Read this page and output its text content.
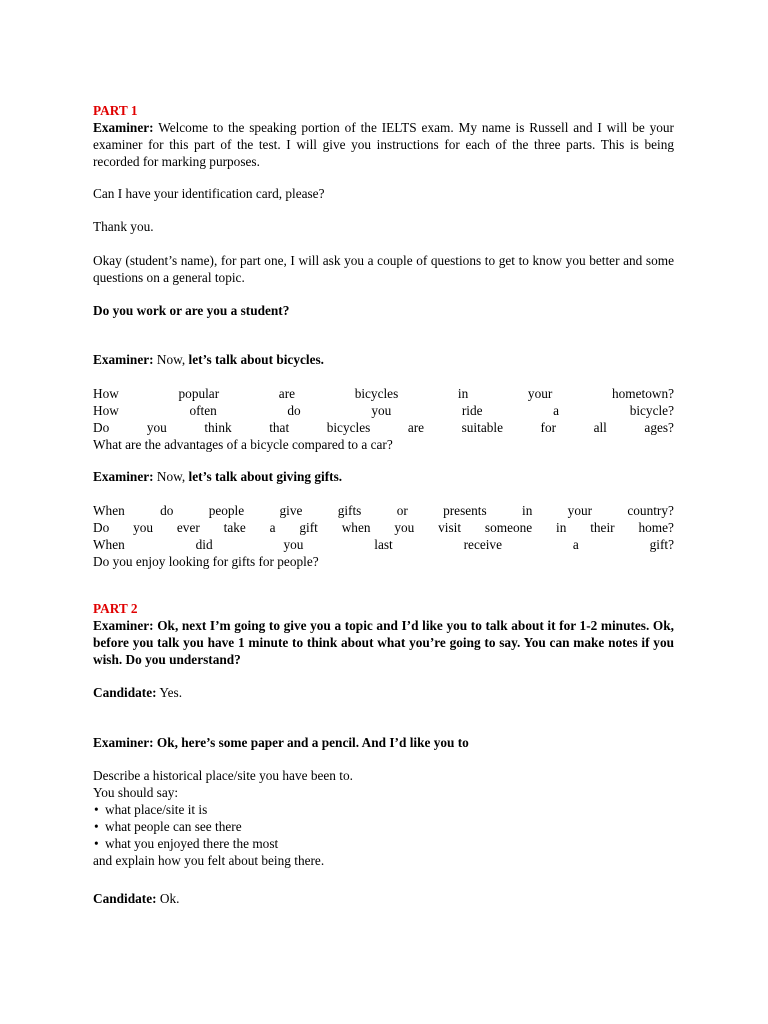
PART 1
Examiner: Welcome to the speaking portion of the IELTS exam. My name is Russell and I will be your examiner for this part of the test. I will give you instructions for each of the three parts. This is being recorded for marking purposes.
Can I have your identification card, please?
Thank you.
Okay (student’s name), for part one, I will ask you a couple of questions to get to know you better and some questions on a general topic.
Do you work or are you a student?
Examiner: Now, let’s talk about bicycles.
How	popular	are	bicycles	in	your	hometown?
How	often	do	you	ride	a	bicycle?
Do	you	think	that	bicycles	are	suitable	for	all	ages?
What are the advantages of a bicycle compared to a car?
Examiner: Now, let’s talk about giving gifts.
When	do	people	give	gifts	or	presents	in	your	country?
Do you ever take a gift when you visit someone in their home?
When	did	you	last	receive	a	gift?
Do you enjoy looking for gifts for people?
PART 2
Examiner: Ok, next I’m going to give you a topic and I’d like you to talk about it for 1-2 minutes. Ok, before you talk you have 1 minute to think about what you’re going to say. You can make notes if you wish. Do you understand?
Candidate: Yes.
Examiner: Ok, here’s some paper and a pencil. And I’d like you to
Describe a historical place/site you have been to.
You should say:
• what place/site it is
• what people can see there
• what you enjoyed there the most
and explain how you felt about being there.
Candidate: Ok.
